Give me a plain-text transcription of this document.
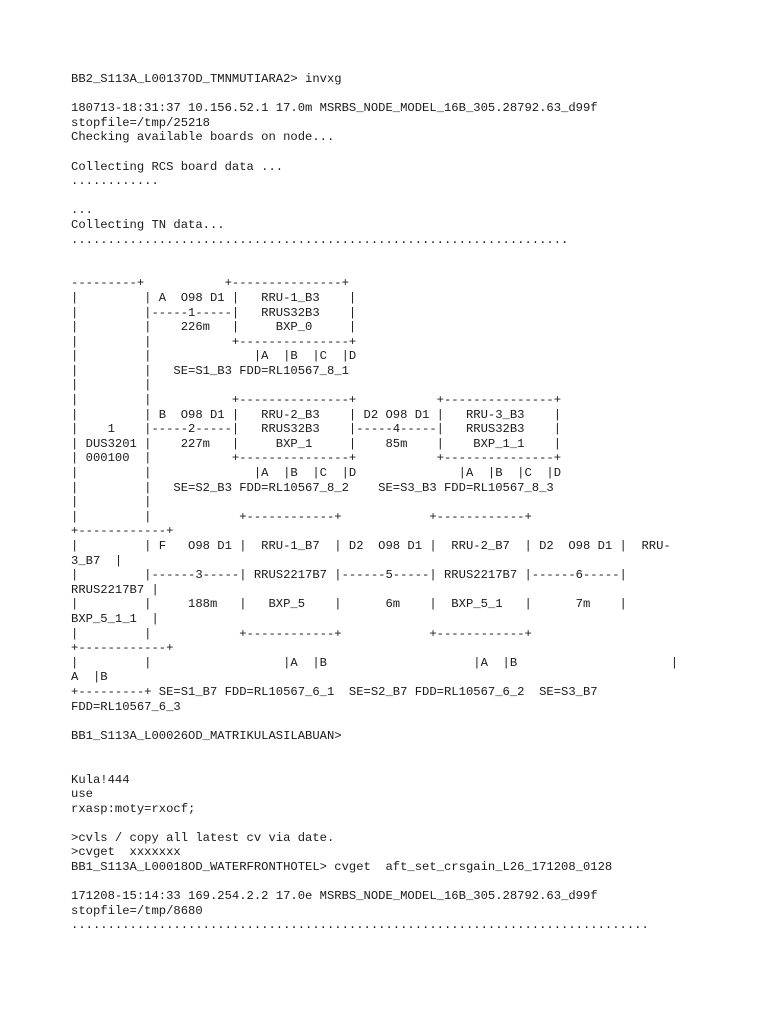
BB2_S113A_L00137OD_TMNMUTIARA2> invxg
180713-18:31:37 10.156.52.1 17.0m MSRBS_NODE_MODEL_16B_305.28792.63_d99f
stopfile=/tmp/25218
Checking available boards on node...
Collecting RCS board data ...
............
...
Collecting TN data...
....................................................................
---------+           +---------------+
|         | A  O98 D1 |   RRU-1_B3    |
|         |-----1-----|   RRUS32B3    |
|         |    226m   |     BXP_0     |
|         |           +---------------+
|         |              |A  |B  |C  |D
|         |   SE=S1_B3 FDD=RL10567_8_1
|         |
|         |           +---------------+           +---------------+
|         | B  O98 D1 |   RRU-2_B3    | D2 O98 D1 |   RRU-3_B3    |
|    1    |-----2-----|   RRUS32B3    |-----4-----|   RRUS32B3    |
| DUS3201 |    227m   |     BXP_1     |    85m    |    BXP_1_1    |
| 000100  |           +---------------+           +---------------+
|         |              |A  |B  |C  |D              |A  |B  |C  |D
|         |   SE=S2_B3 FDD=RL10567_8_2    SE=S3_B3 FDD=RL10567_8_3
|         |
|         |            +------------+            +------------+
+------------+
|         | F   O98 D1 |  RRU-1_B7  | D2  O98 D1 |  RRU-2_B7  | D2  O98 D1 |  RRU-
3_B7  |
|         |------3-----| RRUS2217B7 |------5-----| RRUS2217B7 |------6-----|
RRUS2217B7 |
|         |     188m   |   BXP_5    |      6m    |  BXP_5_1   |      7m    |
BXP_5_1_1  |
|         |            +------------+            +------------+
+------------+
|         |                  |A  |B                    |A  |B                     |
A  |B
+---------+ SE=S1_B7 FDD=RL10567_6_1  SE=S2_B7 FDD=RL10567_6_2  SE=S3_B7
FDD=RL10567_6_3
BB1_S113A_L00026OD_MATRIKULASILABUAN>
Kula!444
use
rxasp:moty=rxocf;
>cvls / copy all latest cv via date.
>cvget  xxxxxxx
BB1_S113A_L00018OD_WATERFRONTHOTEL> cvget  aft_set_crsgain_L26_171208_0128
171208-15:14:33 169.254.2.2 17.0e MSRBS_NODE_MODEL_16B_305.28792.63_d99f
stopfile=/tmp/8680
...............................................................................
